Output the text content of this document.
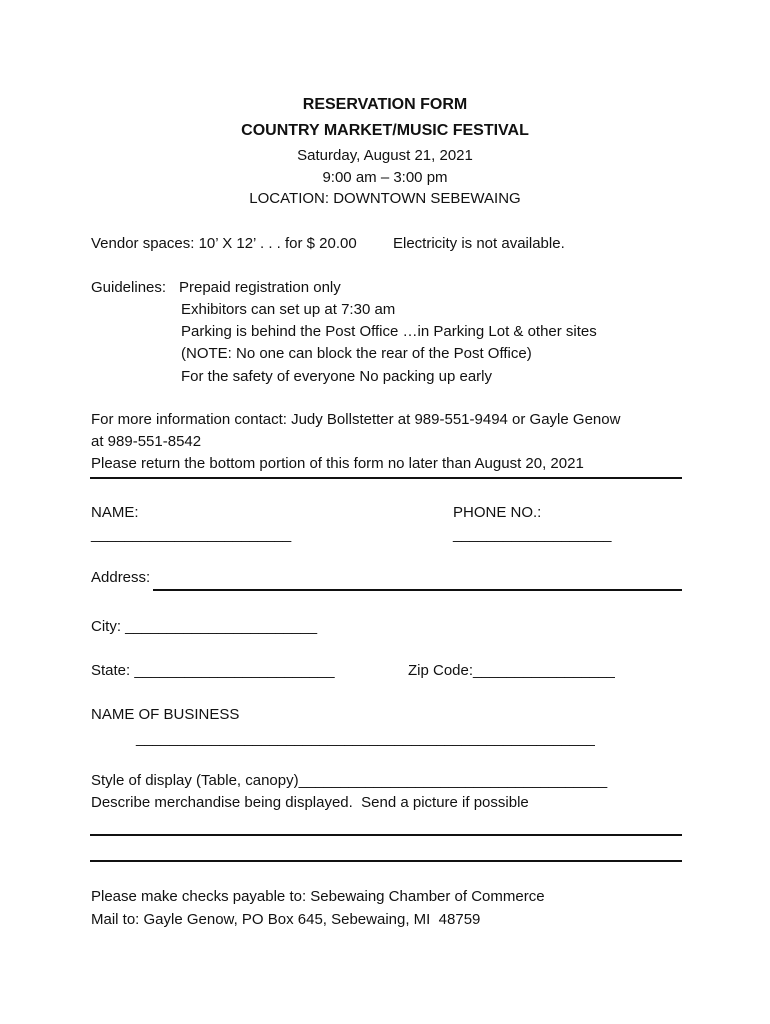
RESERVATION FORM
COUNTRY MARKET/MUSIC FESTIVAL
Saturday, August 21, 2021
9:00 am – 3:00 pm
LOCATION: DOWNTOWN SEBEWAING
Vendor spaces: 10’ X 12’ . . . for $ 20.00 Electricity is not available.
Guidelines: Prepaid registration only
Exhibitors can set up at 7:30 am
Parking is behind the Post Office …in Parking Lot & other sites
(NOTE: No one can block the rear of the Post Office)
For the safety of everyone No packing up early
For more information contact: Judy Bollstetter at 989-551-9494 or Gayle Genow
at 989-551-8542
Please return the bottom portion of this form no later than August 20, 2021
NAME:
________________________
PHONE NO.:
___________________
Address:
City: _______________________
State: ________________________	Zip Code:_________________
NAME OF BUSINESS
_______________________________________________________
Style of display (Table, canopy)_____________________________________
Describe merchandise being displayed.  Send a picture if possible
Please make checks payable to: Sebewaing Chamber of Commerce
Mail to: Gayle Genow, PO Box 645, Sebewaing, MI  48759
